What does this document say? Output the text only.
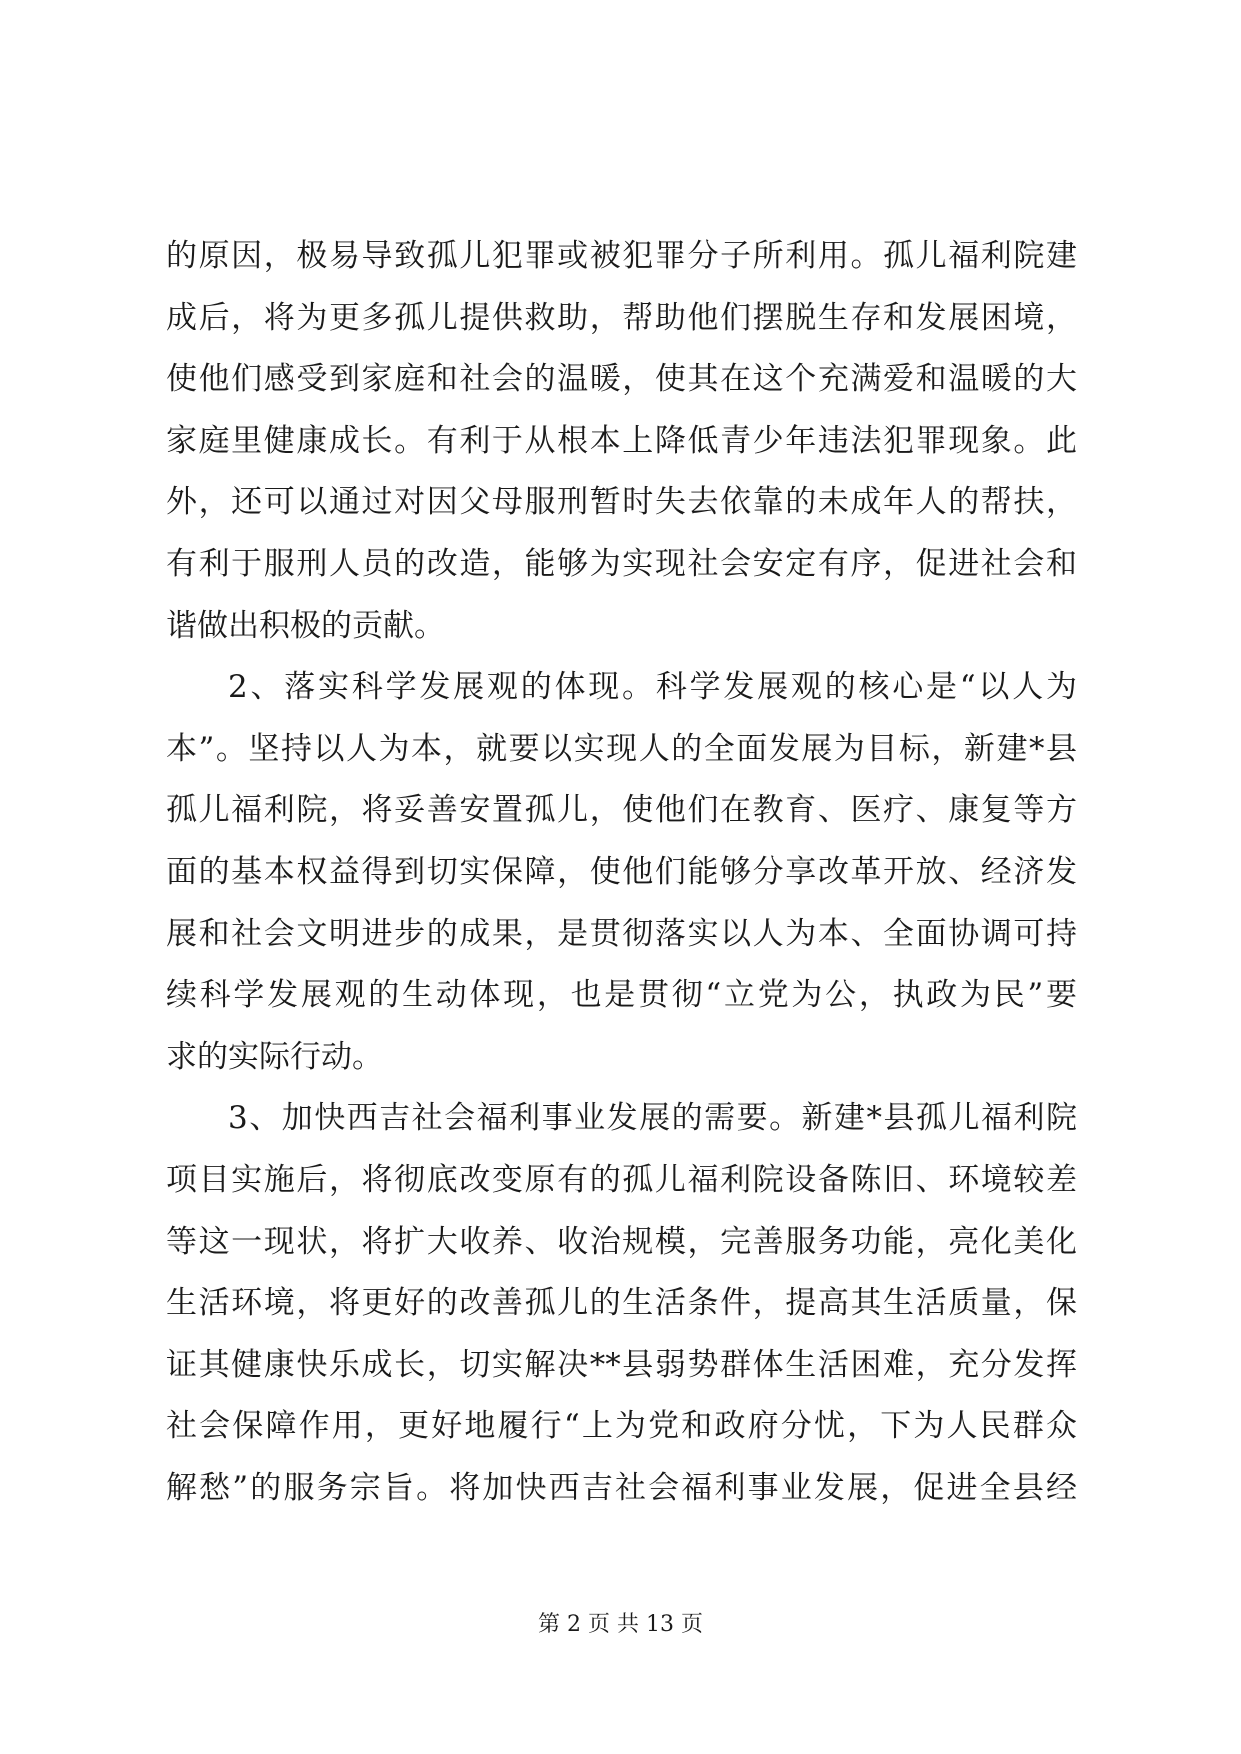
的原因，极易导致孤儿犯罪或被犯罪分子所利用。孤儿福利院建
成后，将为更多孤儿提供救助，帮助他们摆脱生存和发展困境，
使他们感受到家庭和社会的温暖，使其在这个充满爱和温暖的大
家庭里健康成长。有利于从根本上降低青少年违法犯罪现象。此
外，还可以通过对因父母服刑暂时失去依靠的未成年人的帮扶，
有利于服刑人员的改造，能够为实现社会安定有序，促进社会和
谐做出积极的贡献。
2、落实科学发展观的体现。科学发展观的核心是“以人为
本”。坚持以人为本，就要以实现人的全面发展为目标，新建*县
孤儿福利院，将妥善安置孤儿，使他们在教育、医疗、康复等方
面的基本权益得到切实保障，使他们能够分享改革开放、经济发
展和社会文明进步的成果，是贯彻落实以人为本、全面协调可持
续科学发展观的生动体现，也是贯彻“立党为公，执政为民”要
求的实际行动。
3、加快西吉社会福利事业发展的需要。新建*县孤儿福利院
项目实施后，将彻底改变原有的孤儿福利院设备陈旧、环境较差
等这一现状，将扩大收养、收治规模，完善服务功能，亮化美化
生活环境，将更好的改善孤儿的生活条件，提高其生活质量，保
证其健康快乐成长，切实解决**县弱势群体生活困难，充分发挥
社会保障作用，更好地履行“上为党和政府分忧，下为人民群众
解愁”的服务宗旨。将加快西吉社会福利事业发展，促进全县经
第 2 页 共 13 页
